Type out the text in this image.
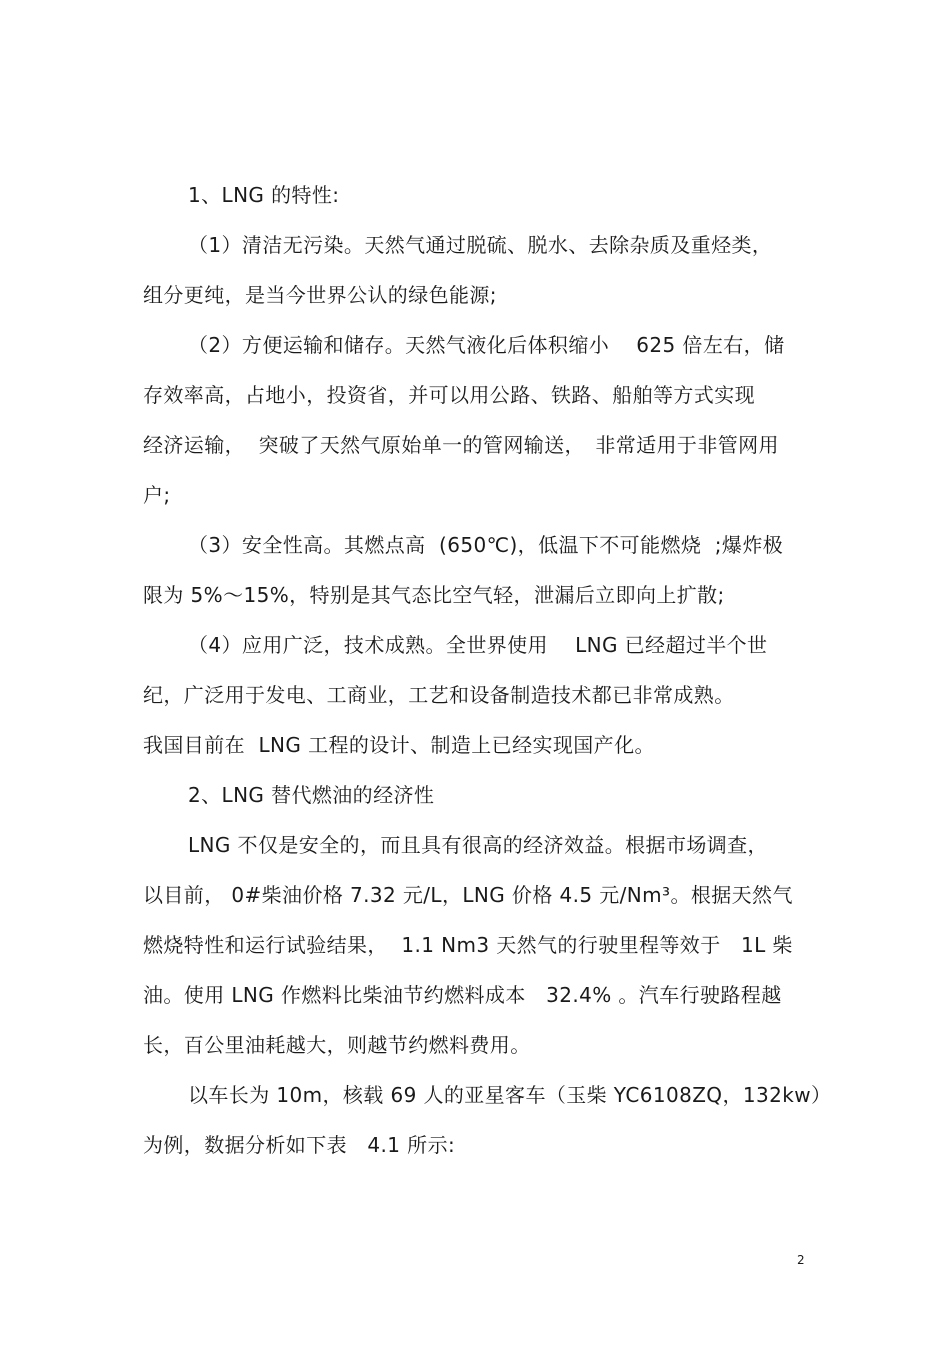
1、LNG 的特性:

（1）清洁无污染。天然气通过脱硫、脱水、去除杂质及重烃类，

组分更纯，是当今世界公认的绿色能源;

（2）方便运输和储存。天然气液化后体积缩小　 625 倍左右，储

存效率高，占地小，投资省，并可以用公路、铁路、船舶等方式实现

经济运输，  突破了天然气原始单一的管网输送，　非常适用于非管网用

户;

（3）安全性高。其燃点高  (650℃)，低温下不可能燃烧  ;爆炸极

限为 5%～15%，特别是其气态比空气轻，泄漏后立即向上扩散;

（4）应用广泛，技术成熟。全世界使用　 LNG 已经超过半个世

纪，广泛用于发电、工商业，工艺和设备制造技术都已非常成熟。

我国目前在  LNG 工程的设计、制造上已经实现国产化。

2、LNG 替代燃油的经济性

LNG 不仅是安全的，而且具有很高的经济效益。根据市场调查，

以目前， 0#柴油价格 7.32 元/L，LNG 价格 4.5 元/Nm³。根据天然气

燃烧特性和运行试验结果，  1.1 Nm3 天然气的行驶里程等效于　1L 柴

油。使用 LNG 作燃料比柴油节约燃料成本　32.4% 。汽车行驶路程越

长，百公里油耗越大，则越节约燃料费用。

以车长为 10m，核载 69 人的亚星客车（玉柴 YC6108ZQ，132kw）

为例，数据分析如下表　4.1 所示:

2
